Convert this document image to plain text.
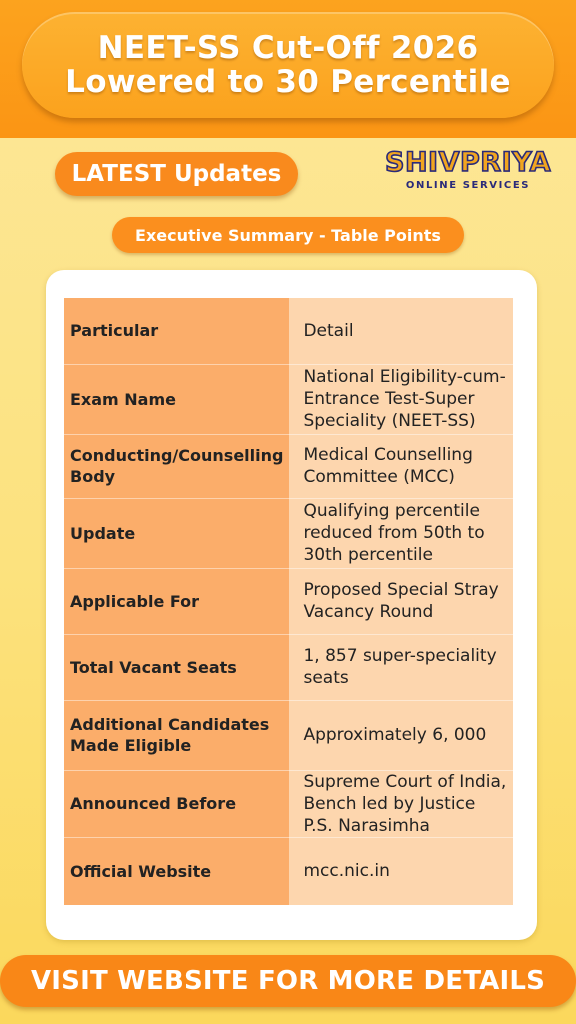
NEET-SS Cut-Off 2026
Lowered to 30 Percentile
LATEST Updates	SHIVPRIYA
ONLINE SERVICES
Executive Summary - Table Points
Particular	Detail
Exam Name	National Eligibility-cum-Entrance Test-Super Speciality (NEET-SS)
Conducting/Counselling Body	Medical Counselling Committee (MCC)
Update	Qualifying percentile reduced from 50th to 30th percentile
Applicable For	Proposed Special Stray Vacancy Round
Total Vacant Seats	1, 857 super-speciality seats
Additional Candidates Made Eligible	Approximately 6, 000
Announced Before	Supreme Court of India, Bench led by Justice P.S. Narasimha
Official Website	mcc.nic.in
VISIT WEBSITE FOR MORE DETAILS
